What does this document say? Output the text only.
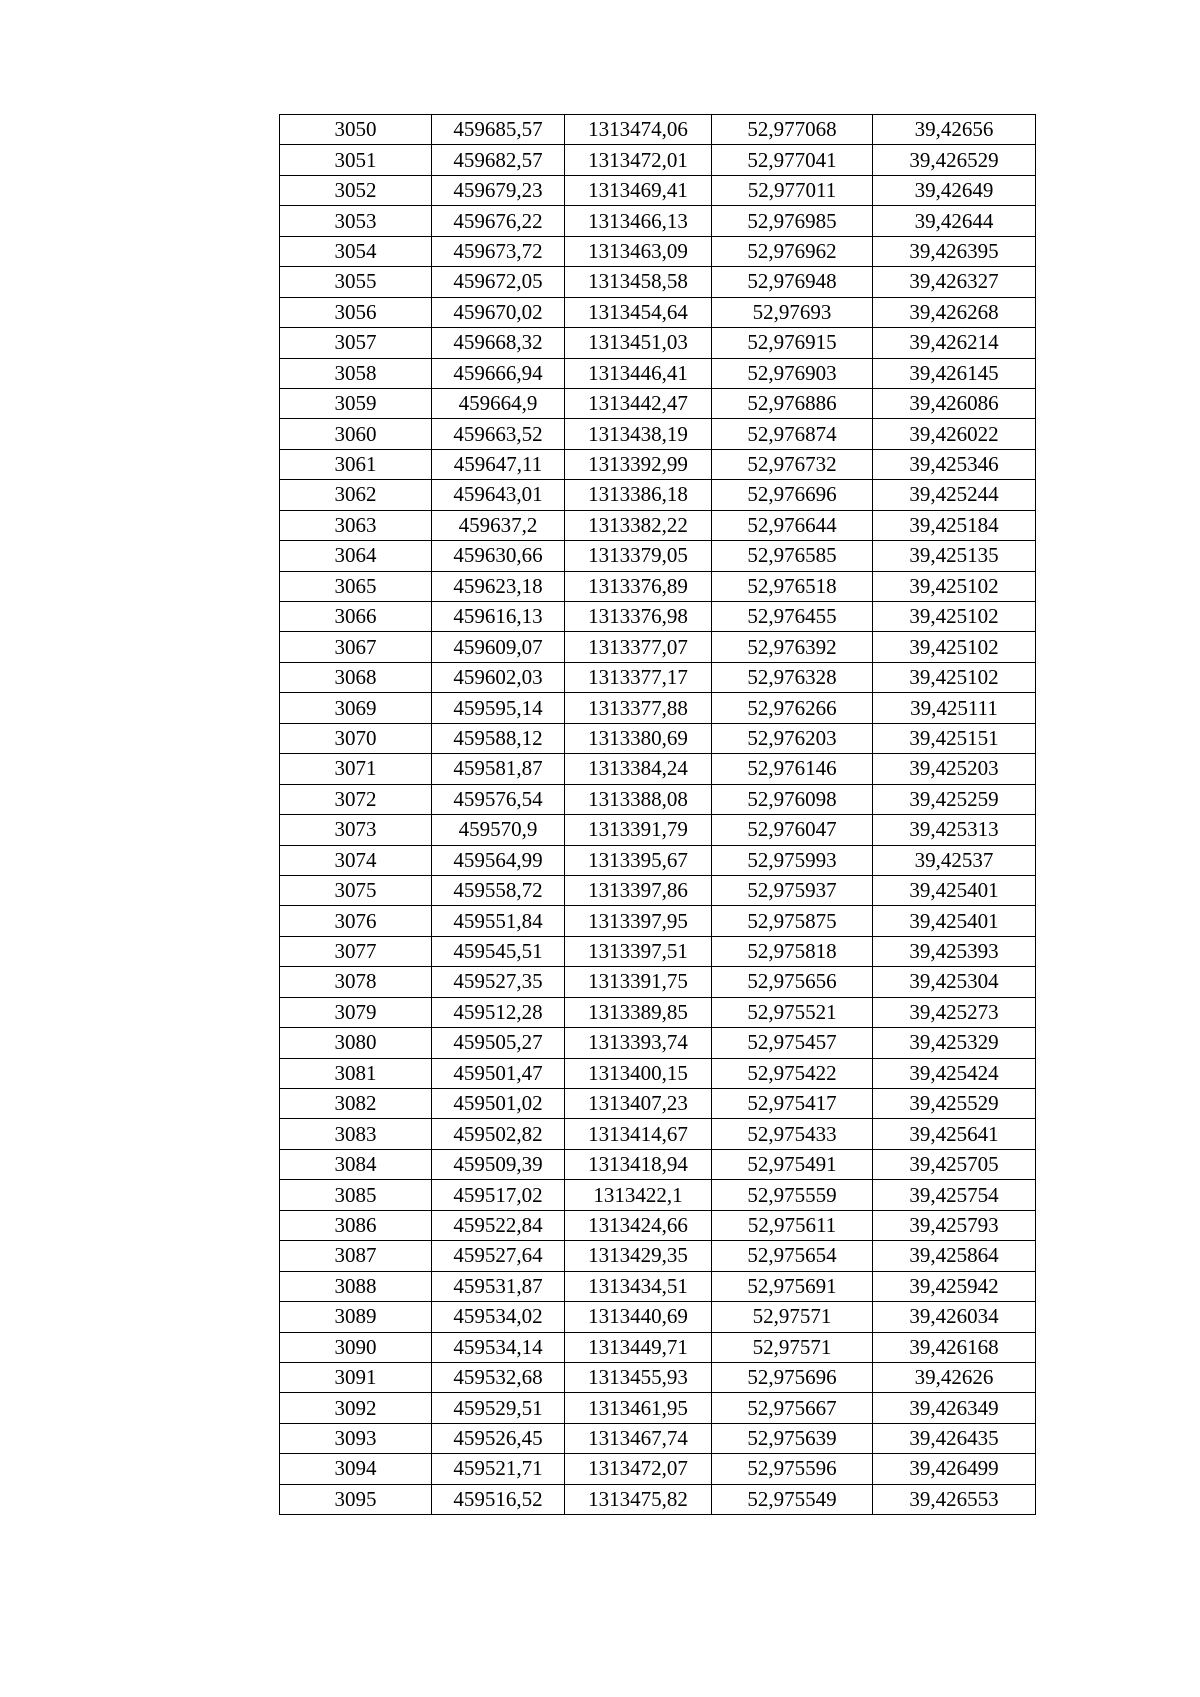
3050	459685,57	1313474,06	52,977068	39,42656
3051	459682,57	1313472,01	52,977041	39,426529
3052	459679,23	1313469,41	52,977011	39,42649
3053	459676,22	1313466,13	52,976985	39,42644
3054	459673,72	1313463,09	52,976962	39,426395
3055	459672,05	1313458,58	52,976948	39,426327
3056	459670,02	1313454,64	52,97693	39,426268
3057	459668,32	1313451,03	52,976915	39,426214
3058	459666,94	1313446,41	52,976903	39,426145
3059	459664,9	1313442,47	52,976886	39,426086
3060	459663,52	1313438,19	52,976874	39,426022
3061	459647,11	1313392,99	52,976732	39,425346
3062	459643,01	1313386,18	52,976696	39,425244
3063	459637,2	1313382,22	52,976644	39,425184
3064	459630,66	1313379,05	52,976585	39,425135
3065	459623,18	1313376,89	52,976518	39,425102
3066	459616,13	1313376,98	52,976455	39,425102
3067	459609,07	1313377,07	52,976392	39,425102
3068	459602,03	1313377,17	52,976328	39,425102
3069	459595,14	1313377,88	52,976266	39,425111
3070	459588,12	1313380,69	52,976203	39,425151
3071	459581,87	1313384,24	52,976146	39,425203
3072	459576,54	1313388,08	52,976098	39,425259
3073	459570,9	1313391,79	52,976047	39,425313
3074	459564,99	1313395,67	52,975993	39,42537
3075	459558,72	1313397,86	52,975937	39,425401
3076	459551,84	1313397,95	52,975875	39,425401
3077	459545,51	1313397,51	52,975818	39,425393
3078	459527,35	1313391,75	52,975656	39,425304
3079	459512,28	1313389,85	52,975521	39,425273
3080	459505,27	1313393,74	52,975457	39,425329
3081	459501,47	1313400,15	52,975422	39,425424
3082	459501,02	1313407,23	52,975417	39,425529
3083	459502,82	1313414,67	52,975433	39,425641
3084	459509,39	1313418,94	52,975491	39,425705
3085	459517,02	1313422,1	52,975559	39,425754
3086	459522,84	1313424,66	52,975611	39,425793
3087	459527,64	1313429,35	52,975654	39,425864
3088	459531,87	1313434,51	52,975691	39,425942
3089	459534,02	1313440,69	52,97571	39,426034
3090	459534,14	1313449,71	52,97571	39,426168
3091	459532,68	1313455,93	52,975696	39,42626
3092	459529,51	1313461,95	52,975667	39,426349
3093	459526,45	1313467,74	52,975639	39,426435
3094	459521,71	1313472,07	52,975596	39,426499
3095	459516,52	1313475,82	52,975549	39,426553
